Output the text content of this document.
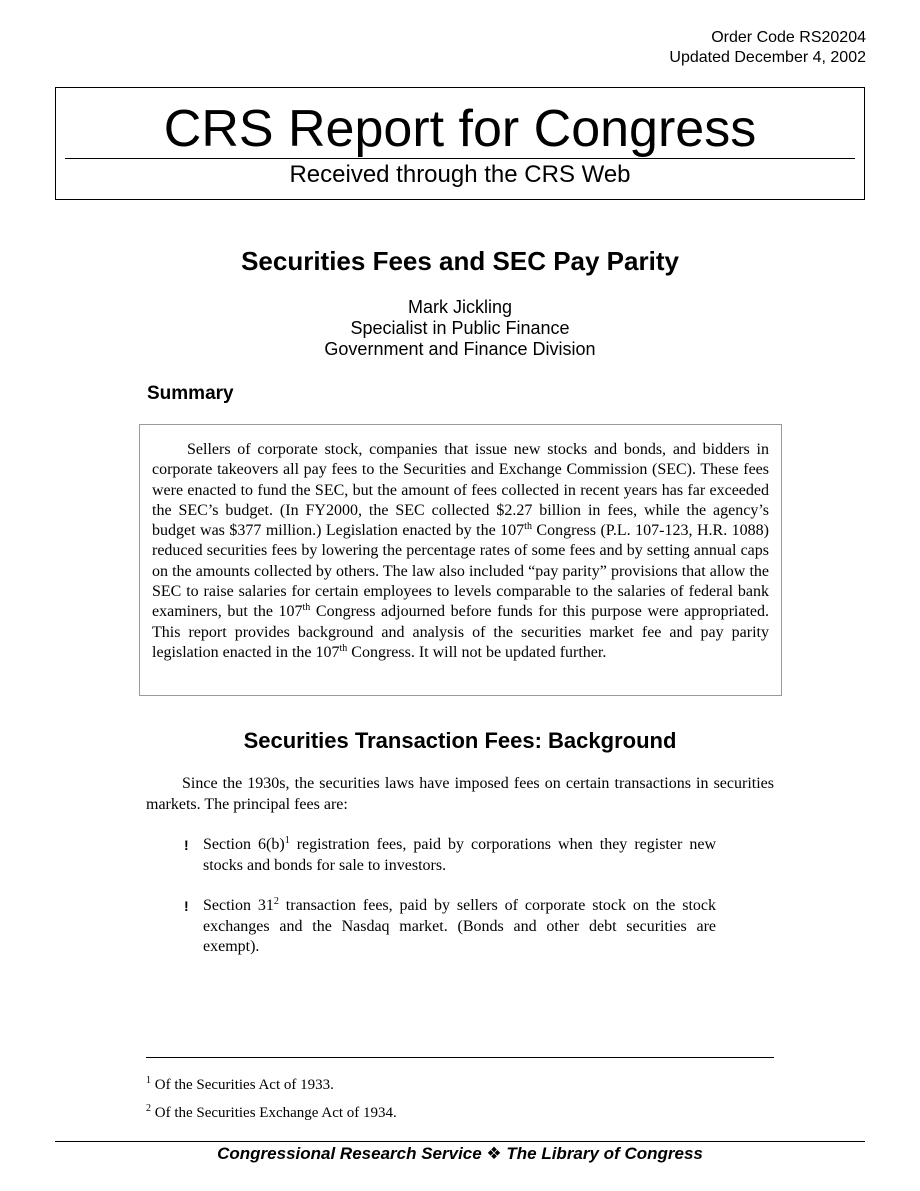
Order Code RS20204
Updated December 4, 2002
CRS Report for Congress
Received through the CRS Web
Securities Fees and SEC Pay Parity
Mark Jickling
Specialist in Public Finance
Government and Finance Division
Summary

Sellers of corporate stock, companies that issue new stocks and bonds, and bidders in corporate takeovers all pay fees to the Securities and Exchange Commission (SEC). These fees were enacted to fund the SEC, but the amount of fees collected in recent years has far exceeded the SEC’s budget. (In FY2000, the SEC collected $2.27 billion in fees, while the agency’s budget was $377 million.) Legislation enacted by the 107th Congress (P.L. 107-123, H.R. 1088) reduced securities fees by lowering the percentage rates of some fees and by setting annual caps on the amounts collected by others. The law also included “pay parity” provisions that allow the SEC to raise salaries for certain employees to levels comparable to the salaries of federal bank examiners, but the 107th Congress adjourned before funds for this purpose were appropriated. This report provides background and analysis of the securities market fee and pay parity legislation enacted in the 107th Congress. It will not be updated further.

Securities Transaction Fees: Background

Since the 1930s, the securities laws have imposed fees on certain transactions in securities markets. The principal fees are:

! Section $6(b)^1$ registration fees, paid by corporations when they register new stocks and bonds for sale to investors.
! Section $31^2$ transaction fees, paid by sellers of corporate stock on the stock exchanges and the Nasdaq market. (Bonds and other debt securities are exempt).
$^1$ Of the Securities Act of 1933.
$^2$ Of the Securities Exchange Act of 1934.
Congressional Research Service ❖ The Library of Congress
